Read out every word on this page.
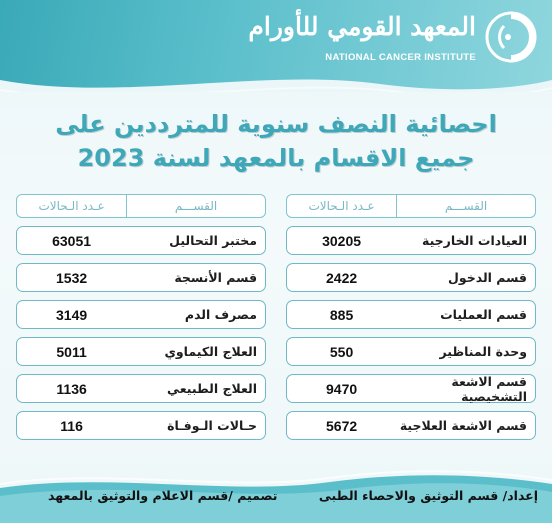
المعهد القومي للأورام
NATIONAL CANCER INSTITUTE
احصائية النصف سنوية للمترددين على
جميع الاقسام بالمعهد لسنة 2023
القســـم
عـدد الـحالات
العيادات الخارجية
30205
قسم الدخول
2422
قسم العمليات
885
وحدة المناظير
550
قسم الاشعة التشخيصية
9470
قسم الاشعة العلاجية
5672
القســـم
عـدد الـحالات
مختبر التحاليل
63051
قسم الأنسجة
1532
مصرف الدم
3149
العلاج الكيماوي
5011
العلاج الطبيعي
1136
حـالات الـوفـاة
116
إعداد/ قسم التوثيق والاحصاء الطبى
تصميم /قسم الاعلام والتوثيق بالمعهد
